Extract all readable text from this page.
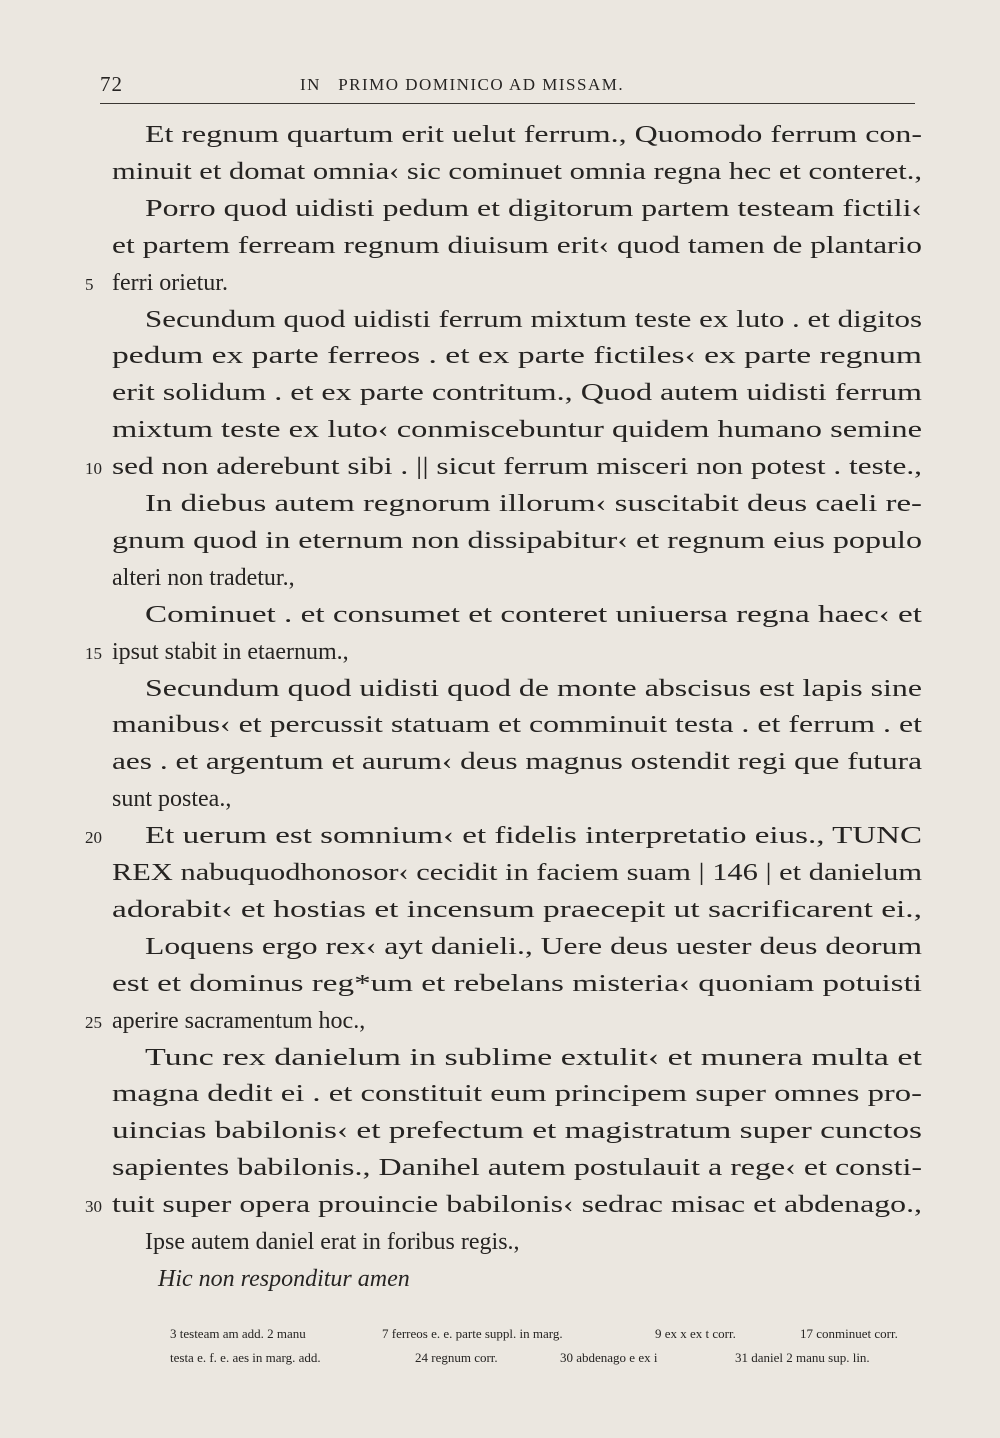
72	IN   PRIMO DOMINICO AD MISSAM.
Et regnum quartum erit uelut ferrum., Quomodo ferrum con-
minuit et domat omnia‹ sic cominuet omnia regna hec et conteret.,
Porro quod uidisti pedum et digitorum partem testeam fictili‹
et partem ferream regnum diuisum erit‹ quod tamen de plantario
5 ferri orietur.
Secundum quod uidisti ferrum mixtum teste ex luto . et digitos
pedum ex parte ferreos . et ex parte fictiles‹ ex parte regnum
erit solidum . et ex parte contritum., Quod autem uidisti ferrum
mixtum teste ex luto‹ conmiscebuntur quidem humano semine
10 sed non aderebunt sibi . || sicut ferrum misceri non potest . teste.,
In diebus autem regnorum illorum‹ suscitabit deus caeli re-
gnum quod in eternum non dissipabitur‹ et regnum eius populo
alteri non tradetur.,
Cominuet . et consumet et conteret uniuersa regna haec‹ et
15 ipsut stabit in etaernum.,
Secundum quod uidisti quod de monte abscisus est lapis sine
manibus‹ et percussit statuam et comminuit testa . et ferrum . et
aes . et argentum et aurum‹ deus magnus ostendit regi que futura
sunt postea.,
20	Et uerum est somnium‹ et fidelis interpretatio eius., TUNC
REX nabuquodhonosor‹ cecidit in faciem suam | 146 | et danielum
adorabit‹ et hostias et incensum praecepit ut sacrificarent ei.,
Loquens ergo rex‹ ayt danieli., Uere deus uester deus deorum
est et dominus reg*um et rebelans misteria‹ quoniam potuisti
25 aperire sacramentum hoc.,
Tunc rex danielum in sublime extulit‹ et munera multa et
magna dedit ei . et constituit eum principem super omnes pro-
uincias babilonis‹ et prefectum et magistratum super cunctos
sapientes babilonis., Danihel autem postulauit a rege‹ et consti-
30 tuit super opera prouincie babilonis‹ sedrac misac et abdenago.,
Ipse autem daniel erat in foribus regis.,
Hic non responditur amen
3 testeam am add. 2 manu	7 ferreos e. e. parte suppl. in marg.	9 ex x ex t corr.	17 conminuet corr.
testa e. f. e. aes in marg. add.	24 regnum corr.	30 abdenago e ex i	31 daniel 2 manu sup. lin.
